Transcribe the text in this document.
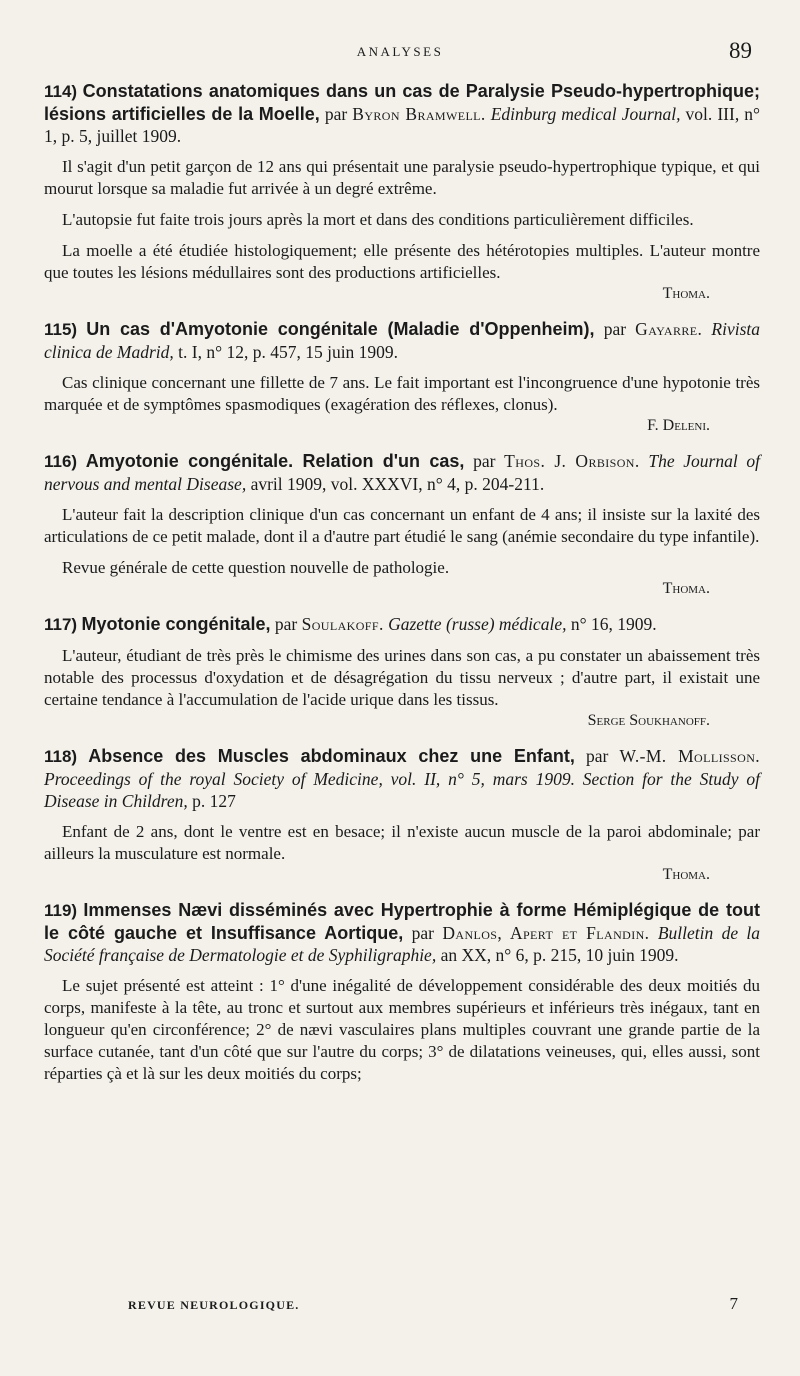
ANALYSES	89

114) Constatations anatomiques dans un cas de Paralysie Pseudo-hypertrophique; lésions artificielles de la Moelle, par Byron Bramwell. Edinburg medical Journal, vol. III, n° 1, p. 5, juillet 1909.

Il s'agit d'un petit garçon de 12 ans qui présentait une paralysie pseudo-hypertrophique typique, et qui mourut lorsque sa maladie fut arrivée à un degré extrême.

L'autopsie fut faite trois jours après la mort et dans des conditions particulièrement difficiles.

La moelle a été étudiée histologiquement; elle présente des hétérotopies multiples. L'auteur montre que toutes les lésions médullaires sont des productions artificielles.

Thoma.

115) Un cas d'Amyotonie congénitale (Maladie d'Oppenheim), par Gayarre. Rivista clinica de Madrid, t. I, n° 12, p. 457, 15 juin 1909.

Cas clinique concernant une fillette de 7 ans. Le fait important est l'incongruence d'une hypotonie très marquée et de symptômes spasmodiques (exagération des réflexes, clonus).

F. Deleni.

116) Amyotonie congénitale. Relation d'un cas, par Thos. J. Orbison. The Journal of nervous and mental Disease, avril 1909, vol. XXXVI, n° 4, p. 204-211.

L'auteur fait la description clinique d'un cas concernant un enfant de 4 ans; il insiste sur la laxité des articulations de ce petit malade, dont il a d'autre part étudié le sang (anémie secondaire du type infantile).

Revue générale de cette question nouvelle de pathologie.

Thoma.

117) Myotonie congénitale, par Soulakoff. Gazette (russe) médicale, n° 16, 1909.

L'auteur, étudiant de très près le chimisme des urines dans son cas, a pu constater un abaissement très notable des processus d'oxydation et de désagrégation du tissu nerveux ; d'autre part, il existait une certaine tendance à l'accumulation de l'acide urique dans les tissus.

Serge Soukhanoff.

118) Absence des Muscles abdominaux chez une Enfant, par W.-M. Mollisson. Proceedings of the royal Society of Medicine, vol. II, n° 5, mars 1909. Section for the Study of Disease in Children, p. 127

Enfant de 2 ans, dont le ventre est en besace; il n'existe aucun muscle de la paroi abdominale; par ailleurs la musculature est normale.

Thoma.

119) Immenses Nævi disséminés avec Hypertrophie à forme Hémiplégique de tout le côté gauche et Insuffisance Aortique, par Danlos, Apert et Flandin. Bulletin de la Société française de Dermatologie et de Syphiligraphie, an XX, n° 6, p. 215, 10 juin 1909.

Le sujet présenté est atteint : 1° d'une inégalité de développement considérable des deux moitiés du corps, manifeste à la tête, au tronc et surtout aux membres supérieurs et inférieurs très inégaux, tant en longueur qu'en circonférence; 2° de nævi vasculaires plans multiples couvrant une grande partie de la surface cutanée, tant d'un côté que sur l'autre du corps; 3° de dilatations veineuses, qui, elles aussi, sont réparties çà et là sur les deux moitiés du corps;

REVUE NEUROLOGIQUE.	7
